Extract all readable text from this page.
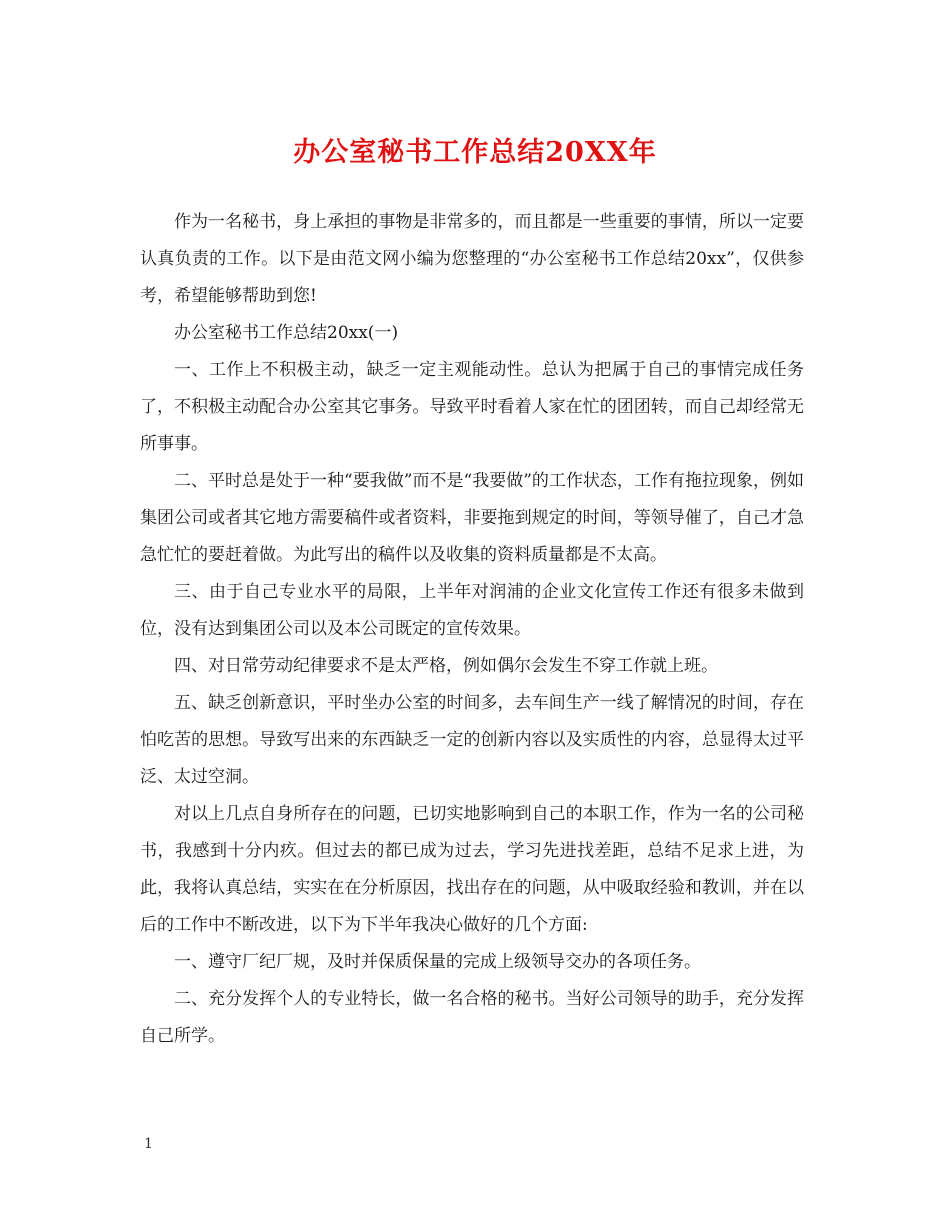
办公室秘书工作总结20XX年

作为一名秘书，身上承担的事物是非常多的，而且都是一些重要的事情，所以一定要认真负责的工作。以下是由范文网小编为您整理的“办公室秘书工作总结20xx”，仅供参考，希望能够帮助到您!

办公室秘书工作总结20xx(一)

一、工作上不积极主动，缺乏一定主观能动性。总认为把属于自己的事情完成任务了，不积极主动配合办公室其它事务。导致平时看着人家在忙的团团转，而自己却经常无所事事。

二、平时总是处于一种“要我做”而不是“我要做”的工作状态，工作有拖拉现象，例如集团公司或者其它地方需要稿件或者资料，非要拖到规定的时间，等领导催了，自己才急急忙忙的要赶着做。为此写出的稿件以及收集的资料质量都是不太高。

三、由于自己专业水平的局限，上半年对润浦的企业文化宣传工作还有很多未做到位，没有达到集团公司以及本公司既定的宣传效果。

四、对日常劳动纪律要求不是太严格，例如偶尔会发生不穿工作就上班。

五、缺乏创新意识，平时坐办公室的时间多，去车间生产一线了解情况的时间，存在怕吃苦的思想。导致写出来的东西缺乏一定的创新内容以及实质性的内容，总显得太过平泛、太过空洞。

对以上几点自身所存在的问题，已切实地影响到自己的本职工作，作为一名的公司秘书，我感到十分内疚。但过去的都已成为过去，学习先进找差距，总结不足求上进，为此，我将认真总结，实实在在分析原因，找出存在的问题，从中吸取经验和教训，并在以后的工作中不断改进，以下为下半年我决心做好的几个方面:

一、遵守厂纪厂规，及时并保质保量的完成上级领导交办的各项任务。

二、充分发挥个人的专业特长，做一名合格的秘书。当好公司领导的助手，充分发挥自己所学。

1
